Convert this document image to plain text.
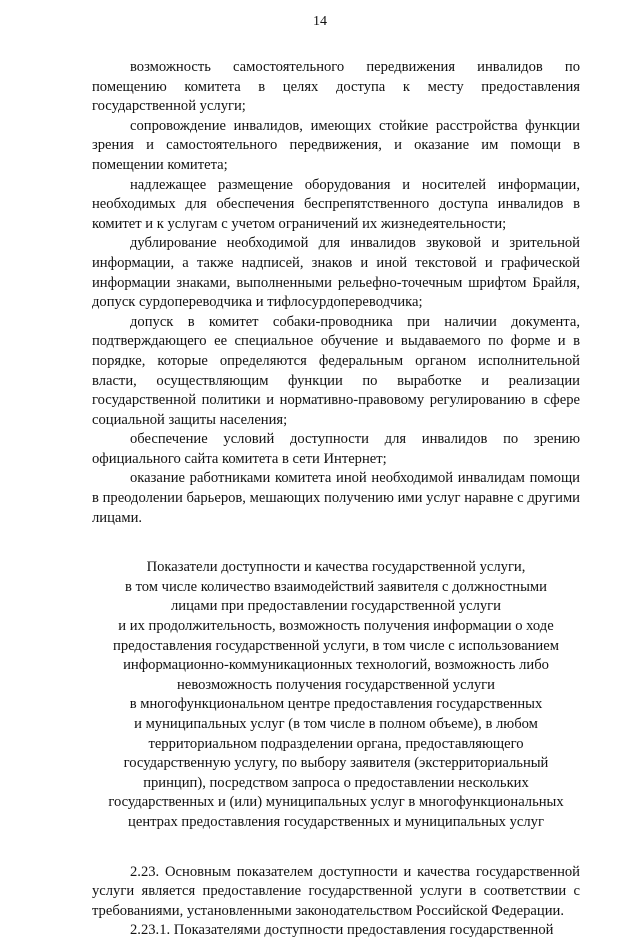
14

возможность самостоятельного передвижения инвалидов по помещению комитета в целях доступа к месту предоставления государственной услуги;

сопровождение инвалидов, имеющих стойкие расстройства функции зрения и самостоятельного передвижения, и оказание им помощи в помещении комитета;

надлежащее размещение оборудования и носителей информации, необходимых для обеспечения беспрепятственного доступа инвалидов в комитет и к услугам с учетом ограничений их жизнедеятельности;

дублирование необходимой для инвалидов звуковой и зрительной информации, а также надписей, знаков и иной текстовой и графической информации знаками, выполненными рельефно-точечным шрифтом Брайля, допуск сурдопереводчика и тифлосурдопереводчика;

допуск в комитет собаки-проводника при наличии документа, подтверждающего ее специальное обучение и выдаваемого по форме и в порядке, которые определяются федеральным органом исполнительной власти, осуществляющим функции по выработке и реализации государственной политики и нормативно-правовому регулированию в сфере социальной защиты населения;

обеспечение условий доступности для инвалидов по зрению официального сайта комитета в сети Интернет;

оказание работниками комитета иной необходимой инвалидам помощи в преодолении барьеров, мешающих получению ими услуг наравне с другими лицами.

Показатели доступности и качества государственной услуги,
в том числе количество взаимодействий заявителя с должностными
лицами при предоставлении государственной услуги
и их продолжительность, возможность получения информации о ходе
предоставления государственной услуги, в том числе с использованием
информационно-коммуникационных технологий, возможность либо
невозможность получения государственной услуги
в многофункциональном центре предоставления государственных
и муниципальных услуг (в том числе в полном объеме), в любом
территориальном подразделении органа, предоставляющего
государственную услугу, по выбору заявителя (экстерриториальный
принцип), посредством запроса о предоставлении нескольких
государственных и (или) муниципальных услуг в многофункциональных
центрах предоставления государственных и муниципальных услуг

2.23. Основным показателем доступности и качества государственной услуги является предоставление государственной услуги в соответствии с требованиями, установленными законодательством Российской Федерации.

2.23.1. Показателями доступности предоставления государственной
